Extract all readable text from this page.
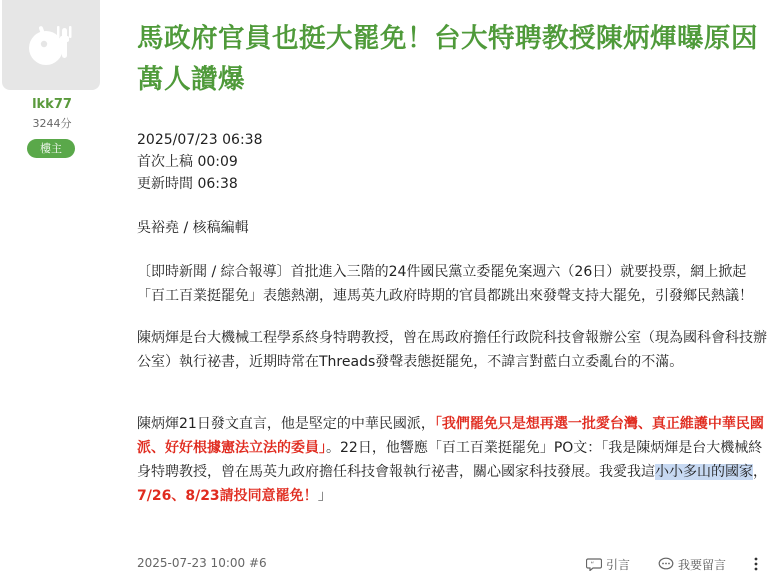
lkk77
3244分
樓主
馬政府官員也挺大罷免！台大特聘教授陳炳煇曝原因 萬人讚爆
2025/07/23 06:38
首次上稿 00:09
更新時間 06:38
吳裕堯 / 核稿編輯
〔即時新聞 / 綜合報導〕首批進入三階的24件國民黨立委罷免案週六（26日）就要投票，網上掀起「百工百業挺罷免」表態熱潮，連馬英九政府時期的官員都跳出來發聲支持大罷免，引發鄉民熱議！
陳炳煇是台大機械工程學系終身特聘教授，曾在馬政府擔任行政院科技會報辦公室（現為國科會科技辦公室）執行祕書，近期時常在Threads發聲表態挺罷免，不諱言對藍白立委亂台的不滿。
陳炳煇21日發文直言，他是堅定的中華民國派，「我們罷免只是想再選一批愛台灣、真正維護中華民國派、好好根據憲法立法的委員」。22日，他響應「百工百業挺罷免」PO文：「我是陳炳煇是台大機械終身特聘教授，曾在馬英九政府擔任科技會報執行祕書，關心國家科技發展。我愛我這小小多山的國家，7/26、8/23請投同意罷免！」
2025-07-23 10:00 #6	“ 引言	我要留言
